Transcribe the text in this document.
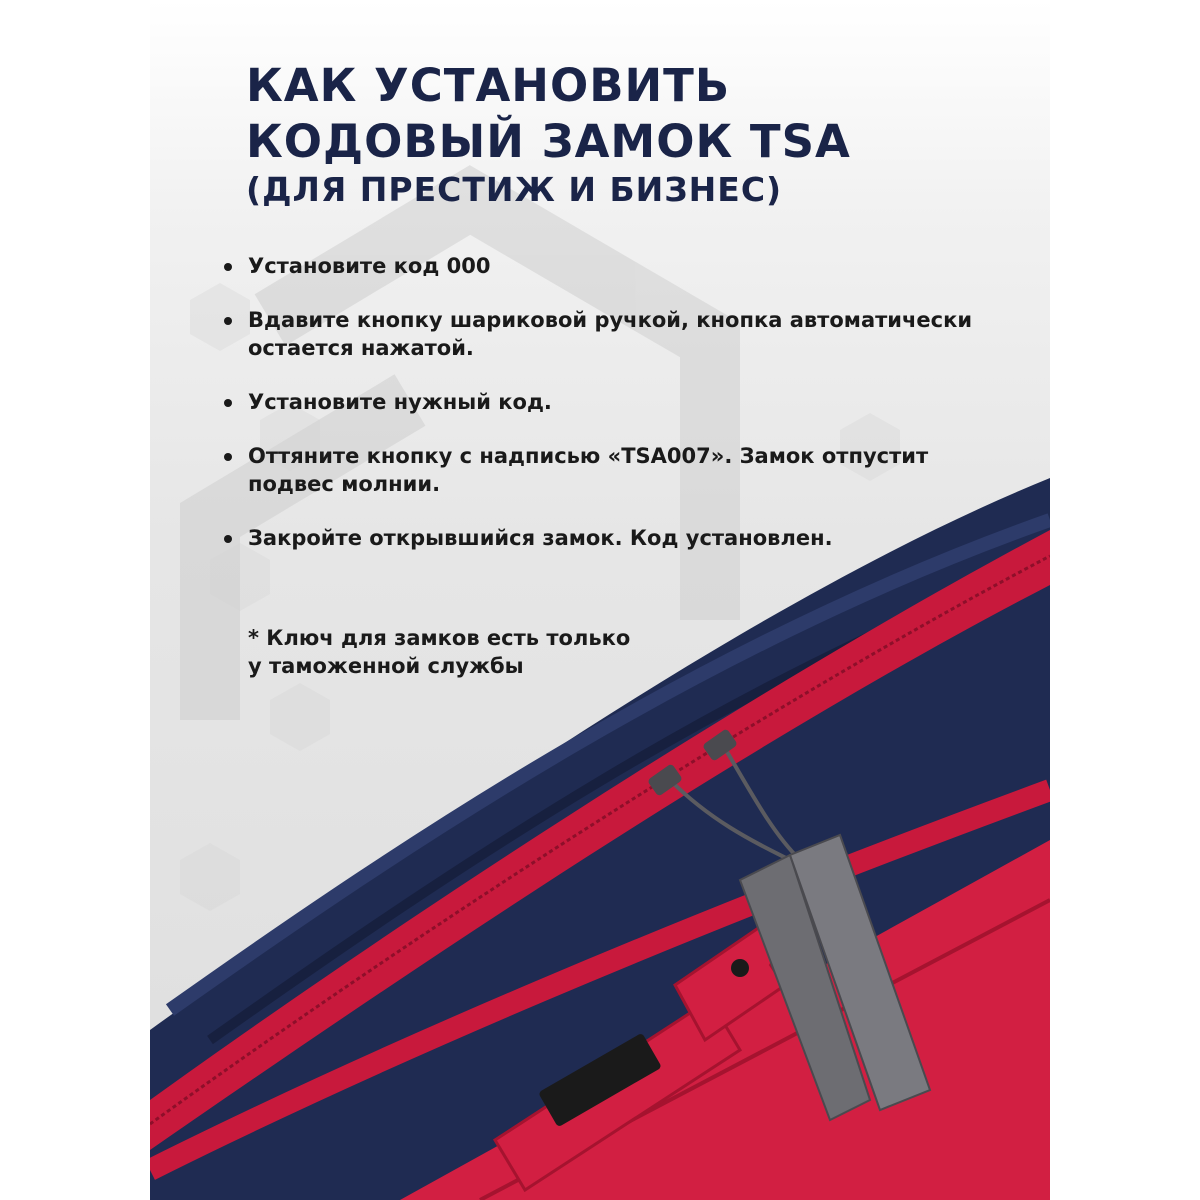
КАК УСТАНОВИТЬ
КОДОВЫЙ ЗАМОК TSA
(ДЛЯ ПРЕСТИЖ И БИЗНЕС)
Установите код 000
Вдавите кнопку шариковой ручкой, кнопка автоматически остается нажатой.
Установите нужный код.
Оттяните кнопку с надписью «TSA007». Замок отпустит подвес молнии.
Закройте открывшийся замок. Код установлен.

* Ключ для замков есть только
у таможенной службы
